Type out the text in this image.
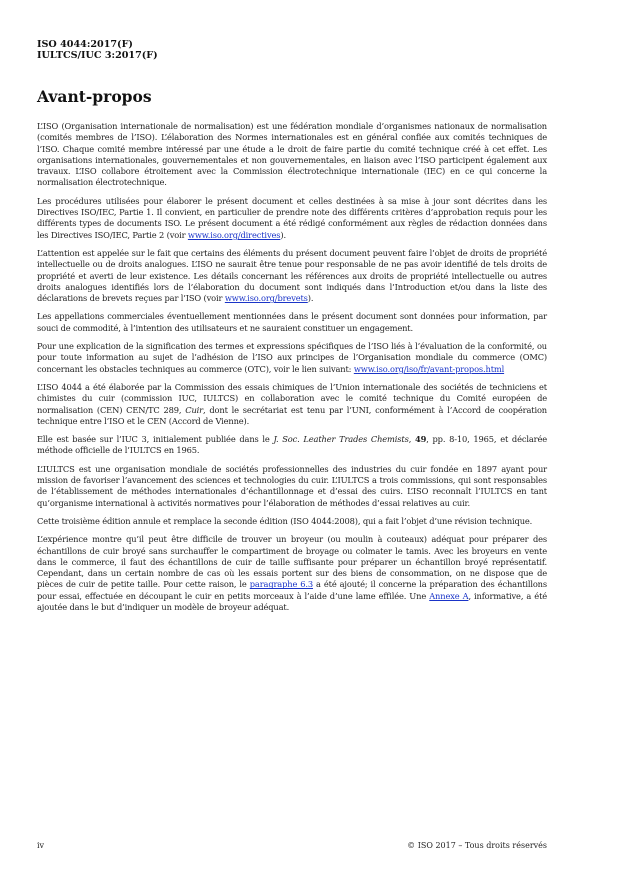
ISO 4044:2017(F)
IULTCS/IUC 3:2017(F)
Avant-propos

L’ISO (Organisation internationale de normalisation) est une fédération mondiale d’organismes nationaux de normalisation (comités membres de l’ISO). L’élaboration des Normes internationales est en général confiée aux comités techniques de l’ISO. Chaque comité membre intéressé par une étude a le droit de faire partie du comité technique créé à cet effet. Les organisations internationales, gouvernementales et non gouvernementales, en liaison avec l’ISO participent également aux travaux. L’ISO collabore étroitement avec la Commission électrotechnique internationale (IEC) en ce qui concerne la normalisation électrotechnique.

Les procédures utilisées pour élaborer le présent document et celles destinées à sa mise à jour sont décrites dans les Directives ISO/IEC, Partie 1. Il convient, en particulier de prendre note des différents critères d’approbation requis pour les différents types de documents ISO. Le présent document a été rédigé conformément aux règles de rédaction données dans les Directives ISO/IEC, Partie 2 (voir www.iso.org/directives).

L’attention est appelée sur le fait que certains des éléments du présent document peuvent faire l’objet de droits de propriété intellectuelle ou de droits analogues. L’ISO ne saurait être tenue pour responsable de ne pas avoir identifié de tels droits de propriété et averti de leur existence. Les détails concernant les références aux droits de propriété intellectuelle ou autres droits analogues identifiés lors de l’élaboration du document sont indiqués dans l’Introduction et/ou dans la liste des déclarations de brevets reçues par l’ISO (voir www.iso.org/brevets).

Les appellations commerciales éventuellement mentionnées dans le présent document sont données pour information, par souci de commodité, à l’intention des utilisateurs et ne sauraient constituer un engagement.

Pour une explication de la signification des termes et expressions spécifiques de l’ISO liés à l’évaluation de la conformité, ou pour toute information au sujet de l’adhésion de l’ISO aux principes de l’Organisation mondiale du commerce (OMC) concernant les obstacles techniques au commerce (OTC), voir le lien suivant: www.iso.org/iso/fr/avant-propos.html

L’ISO 4044 a été élaborée par la Commission des essais chimiques de l’Union internationale des sociétés de techniciens et chimistes du cuir (commission IUC, IULTCS) en collaboration avec le comité technique du Comité européen de normalisation (CEN) CEN/TC 289, Cuir, dont le secrétariat est tenu par l’UNI, conformément à l’Accord de coopération technique entre l’ISO et le CEN (Accord de Vienne).

Elle est basée sur l’IUC 3, initialement publiée dans le J. Soc. Leather Trades Chemists, 49, pp. 8-10, 1965, et déclarée méthode officielle de l’IULTCS en 1965.

L’IULTCS est une organisation mondiale de sociétés professionnelles des industries du cuir fondée en 1897 ayant pour mission de favoriser l’avancement des sciences et technologies du cuir. L’IULTCS a trois commissions, qui sont responsables de l’établissement de méthodes internationales d’échantillonnage et d’essai des cuirs. L’ISO reconnaît l’IULTCS en tant qu’organisme international à activités normatives pour l’élaboration de méthodes d’essai relatives au cuir.

Cette troisième édition annule et remplace la seconde édition (ISO 4044:2008), qui a fait l’objet d’une révision technique.

L’expérience montre qu’il peut être difficile de trouver un broyeur (ou moulin à couteaux) adéquat pour préparer des échantillons de cuir broyé sans surchauffer le compartiment de broyage ou colmater le tamis. Avec les broyeurs en vente dans le commerce, il faut des échantillons de cuir de taille suffisante pour préparer un échantillon broyé représentatif. Cependant, dans un certain nombre de cas où les essais portent sur des biens de consommation, on ne dispose que de pièces de cuir de petite taille. Pour cette raison, le paragraphe 6.3 a été ajouté; il concerne la préparation des échantillons pour essai, effectuée en découpant le cuir en petits morceaux à l’aide d’une lame effilée. Une Annexe A, informative, a été ajoutée dans le but d’indiquer un modèle de broyeur adéquat.

iv	© ISO 2017 – Tous droits réservés
